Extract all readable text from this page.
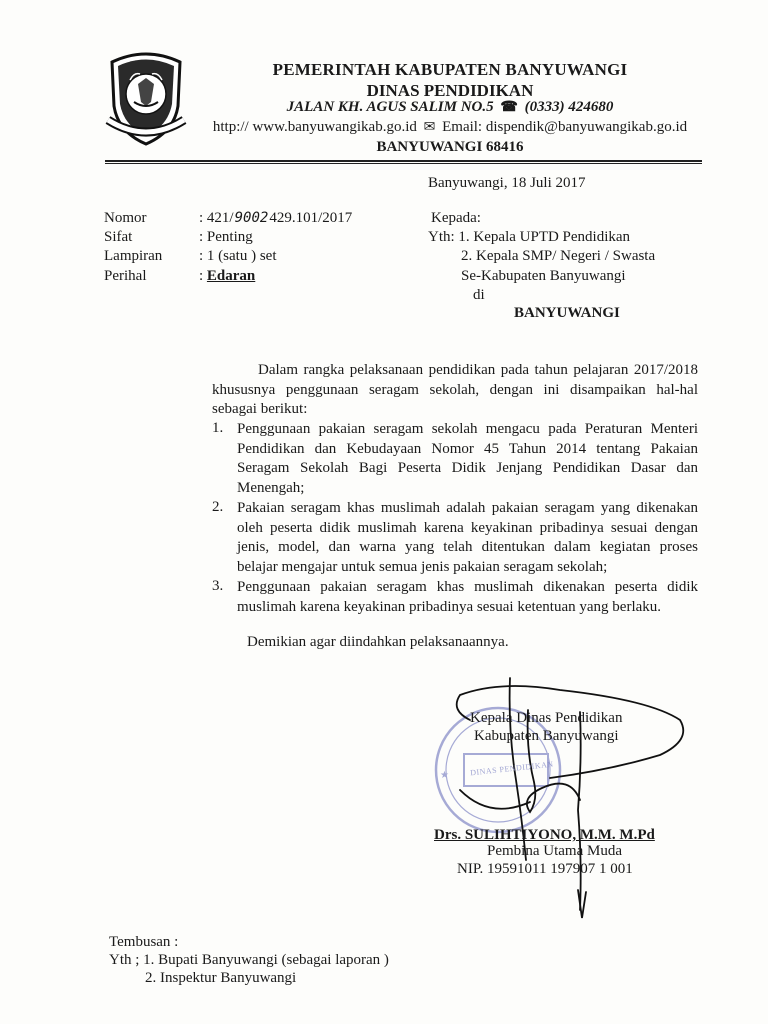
PEMERINTAH KABUPATEN BANYUWANGI
DINAS PENDIDIKAN
JALAN KH. AGUS SALIM NO.5 ☎ (0333) 424680
http:// www.banyuwangikab.go.id ✉ Email: dispendik@banyuwangikab.go.id
BANYUWANGI 68416
Banyuwangi, 18 Juli 2017
Nomor
Sifat
Lampiran
Perihal
: 421/9002429.101/2017
: Penting
: 1 (satu ) set
: Edaran
Kepada:
Yth: 1. Kepala UPTD Pendidikan
2. Kepala SMP/ Negeri / Swasta
Se-Kabupaten Banyuwangi
di
BANYUWANGI

Dalam rangka pelaksanaan pendidikan pada tahun pelajaran 2017/2018

khususnya penggunaan seragam sekolah, dengan ini disampaikan hal-hal

sebagai berikut:

1. Penggunaan pakaian seragam sekolah mengacu pada Peraturan Menteri
Pendidikan dan Kebudayaan Nomor 45 Tahun 2014 tentang Pakaian
Seragam Sekolah Bagi Peserta Didik Jenjang Pendidikan Dasar dan
Menengah;
2. Pakaian seragam khas muslimah adalah pakaian seragam yang dikenakan
oleh peserta didik muslimah karena keyakinan pribadinya sesuai dengan
jenis, model, dan warna yang telah ditentukan dalam kegiatan proses
belajar mengajar untuk semua jenis pakaian seragam sekolah;
3. Penggunaan pakaian seragam khas muslimah dikenakan peserta didik
muslimah karena keyakinan pribadinya sesuai ketentuan yang berlaku.
Demikian agar diindahkan pelaksanaannya.
★
Kepala Dinas Pendidikan
Kabupaten Banyuwangi
DINAS PENDIDIKAN
Drs. SULIHTIYONO, M.M. M.Pd
Pembina Utama Muda
NIP. 19591011 197907 1 001
Tembusan :
Yth ; 1. Bupati Banyuwangi (sebagai laporan )
2. Inspektur Banyuwangi
